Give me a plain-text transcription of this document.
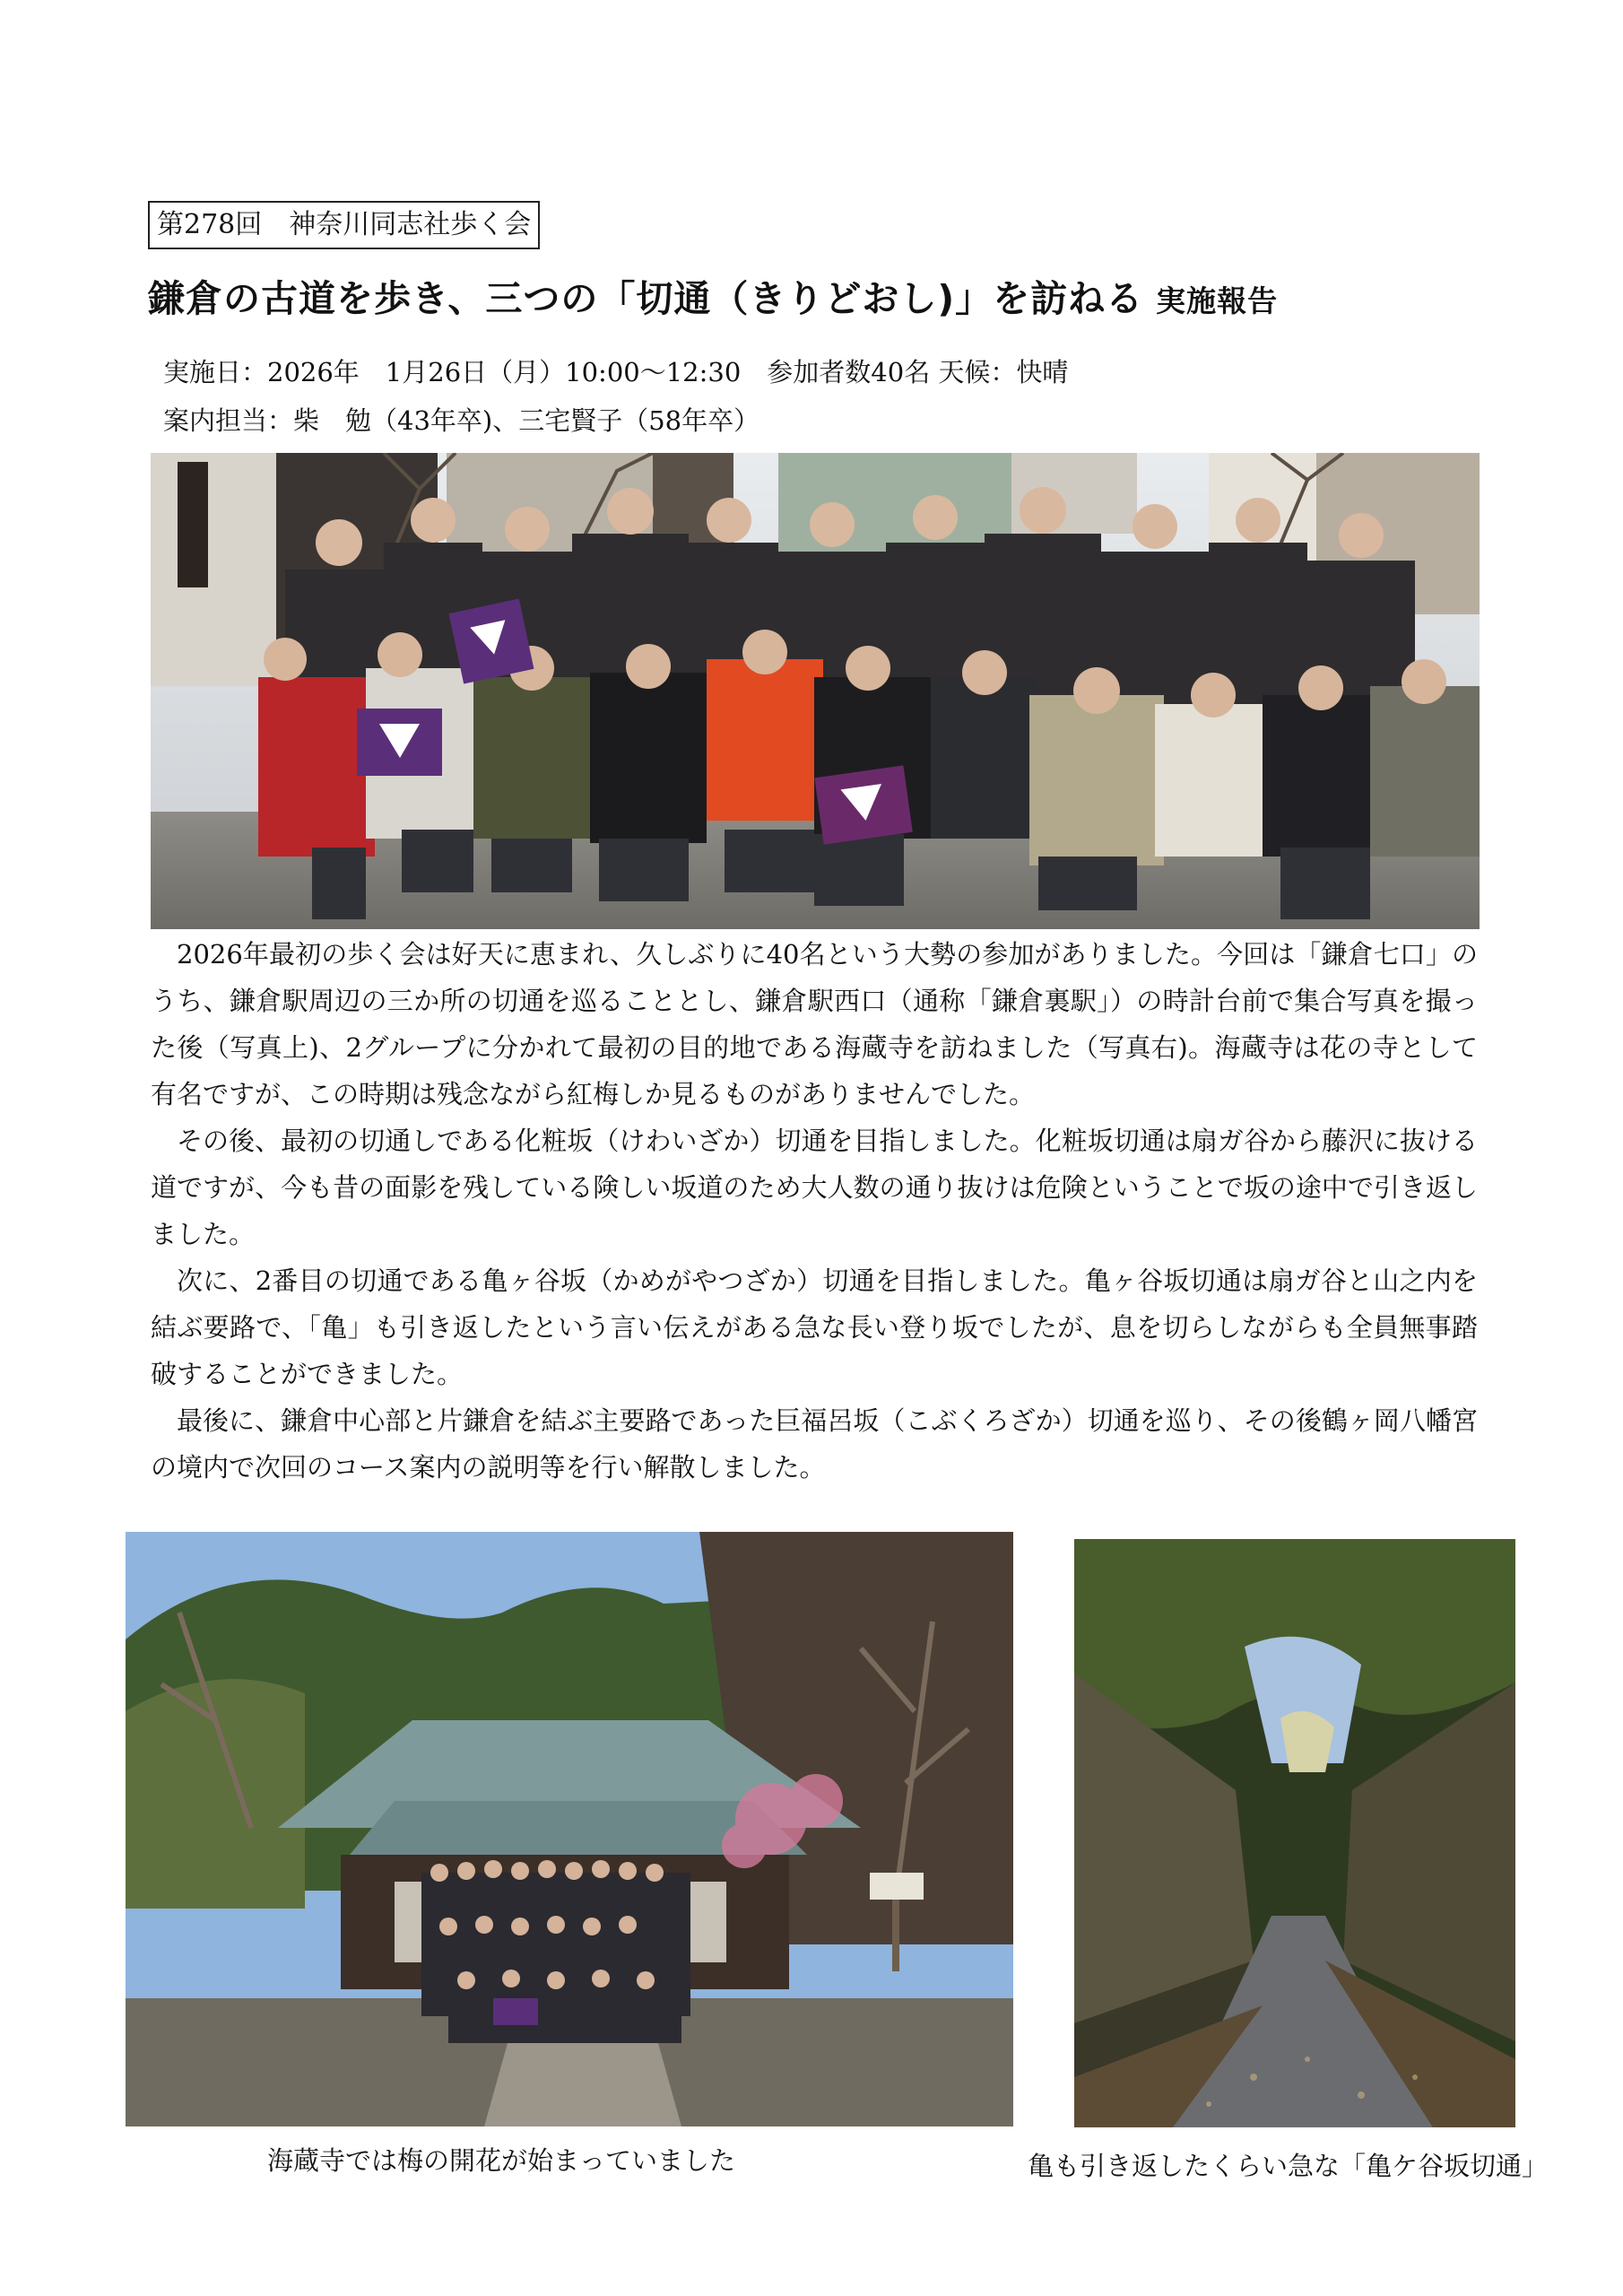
第278回　神奈川同志社歩く会
鎌倉の古道を歩き、三つの「切通（きりどおし)」を訪ねる 実施報告
実施日：2026年　1月26日（月）10:00～12:30　参加者数40名 天候：快晴
案内担当：柴　勉（43年卒)、三宅賢子（58年卒）

2026年最初の歩く会は好天に恵まれ、久しぶりに40名という大勢の参加がありました。今回は「鎌倉七口」のうち、鎌倉駅周辺の三か所の切通を巡ることとし、鎌倉駅西口（通称「鎌倉裏駅」）の時計台前で集合写真を撮った後（写真上)、2グループに分かれて最初の目的地である海蔵寺を訪ねました（写真右)。海蔵寺は花の寺として有名ですが、この時期は残念ながら紅梅しか見るものがありませんでした。

その後、最初の切通しである化粧坂（けわいざか）切通を目指しました。化粧坂切通は扇ガ谷から藤沢に抜ける道ですが、今も昔の面影を残している険しい坂道のため大人数の通り抜けは危険ということで坂の途中で引き返しました。

次に、2番目の切通である亀ヶ谷坂（かめがやつざか）切通を目指しました。亀ヶ谷坂切通は扇ガ谷と山之内を結ぶ要路で、「亀」も引き返したという言い伝えがある急な長い登り坂でしたが、息を切らしながらも全員無事踏破することができました。

最後に、鎌倉中心部と片鎌倉を結ぶ主要路であった巨福呂坂（こぶくろざか）切通を巡り、その後鶴ヶ岡八幡宮の境内で次回のコース案内の説明等を行い解散しました。

海蔵寺では梅の開花が始まっていました	亀も引き返したくらい急な「亀ケ谷坂切通」
